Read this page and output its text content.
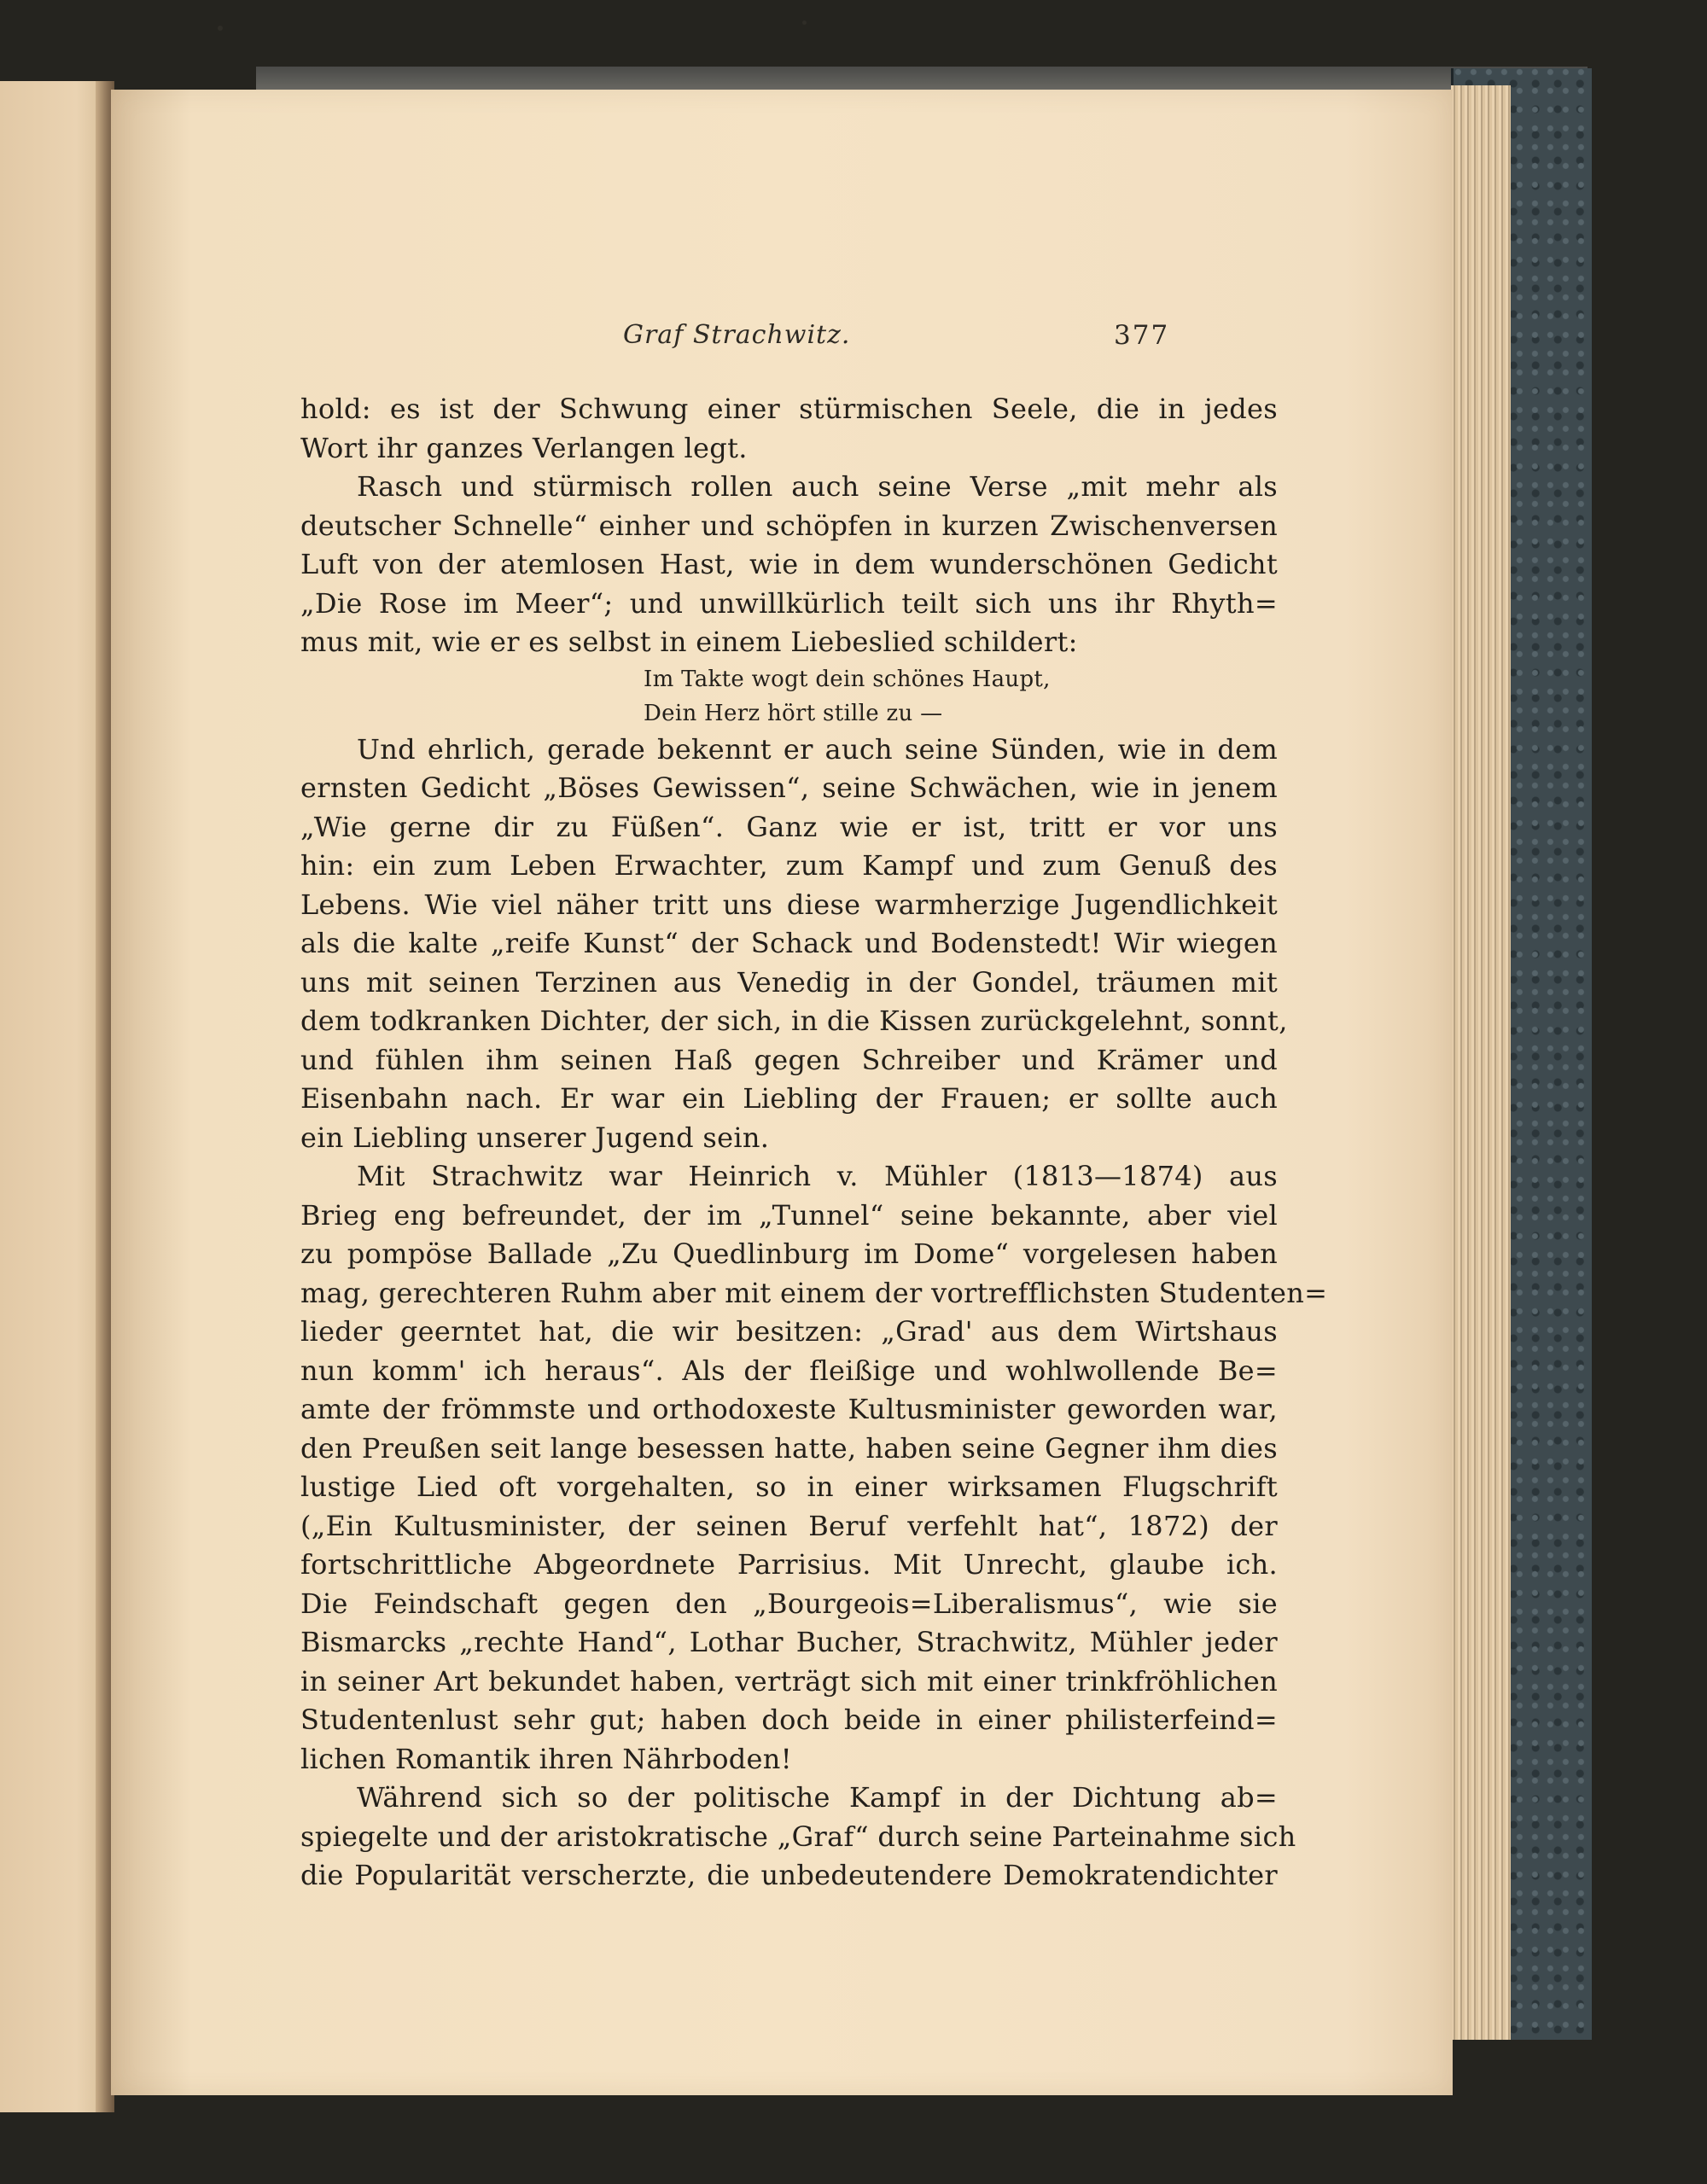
Graf Strachwitz.	377
hold: es ist der Schwung einer stürmischen Seele, die in jedes
Wort ihr ganzes Verlangen legt.
Rasch und stürmisch rollen auch seine Verse „mit mehr als
deutscher Schnelle“ einher und schöpfen in kurzen Zwischenversen
Luft von der atemlosen Hast, wie in dem wunderschönen Gedicht
„Die Rose im Meer“; und unwillkürlich teilt sich uns ihr Rhyth=
mus mit, wie er es selbst in einem Liebeslied schildert:
Im Takte wogt dein schönes Haupt,
Dein Herz hört stille zu —
Und ehrlich, gerade bekennt er auch seine Sünden, wie in dem
ernsten Gedicht „Böses Gewissen“, seine Schwächen, wie in jenem
„Wie gerne dir zu Füßen“. Ganz wie er ist, tritt er vor uns
hin: ein zum Leben Erwachter, zum Kampf und zum Genuß des
Lebens. Wie viel näher tritt uns diese warmherzige Jugendlichkeit
als die kalte „reife Kunst“ der Schack und Bodenstedt! Wir wiegen
uns mit seinen Terzinen aus Venedig in der Gondel, träumen mit
dem todkranken Dichter, der sich, in die Kissen zurückgelehnt, sonnt,
und fühlen ihm seinen Haß gegen Schreiber und Krämer und
Eisenbahn nach. Er war ein Liebling der Frauen; er sollte auch
ein Liebling unserer Jugend sein.
Mit Strachwitz war Heinrich v. Mühler (1813—1874) aus
Brieg eng befreundet, der im „Tunnel“ seine bekannte, aber viel
zu pompöse Ballade „Zu Quedlinburg im Dome“ vorgelesen haben
mag, gerechteren Ruhm aber mit einem der vortrefflichsten Studenten=
lieder geerntet hat, die wir besitzen: „Grad' aus dem Wirtshaus
nun komm' ich heraus“. Als der fleißige und wohlwollende Be=
amte der frömmste und orthodoxeste Kultusminister geworden war,
den Preußen seit lange besessen hatte, haben seine Gegner ihm dies
lustige Lied oft vorgehalten, so in einer wirksamen Flugschrift
(„Ein Kultusminister, der seinen Beruf verfehlt hat“, 1872) der
fortschrittliche Abgeordnete Parrisius. Mit Unrecht, glaube ich.
Die Feindschaft gegen den „Bourgeois=Liberalismus“, wie sie
Bismarcks „rechte Hand“, Lothar Bucher, Strachwitz, Mühler jeder
in seiner Art bekundet haben, verträgt sich mit einer trinkfröhlichen
Studentenlust sehr gut; haben doch beide in einer philisterfeind=
lichen Romantik ihren Nährboden!
Während sich so der politische Kampf in der Dichtung ab=
spiegelte und der aristokratische „Graf“ durch seine Parteinahme sich
die Popularität verscherzte, die unbedeutendere Demokratendichter
